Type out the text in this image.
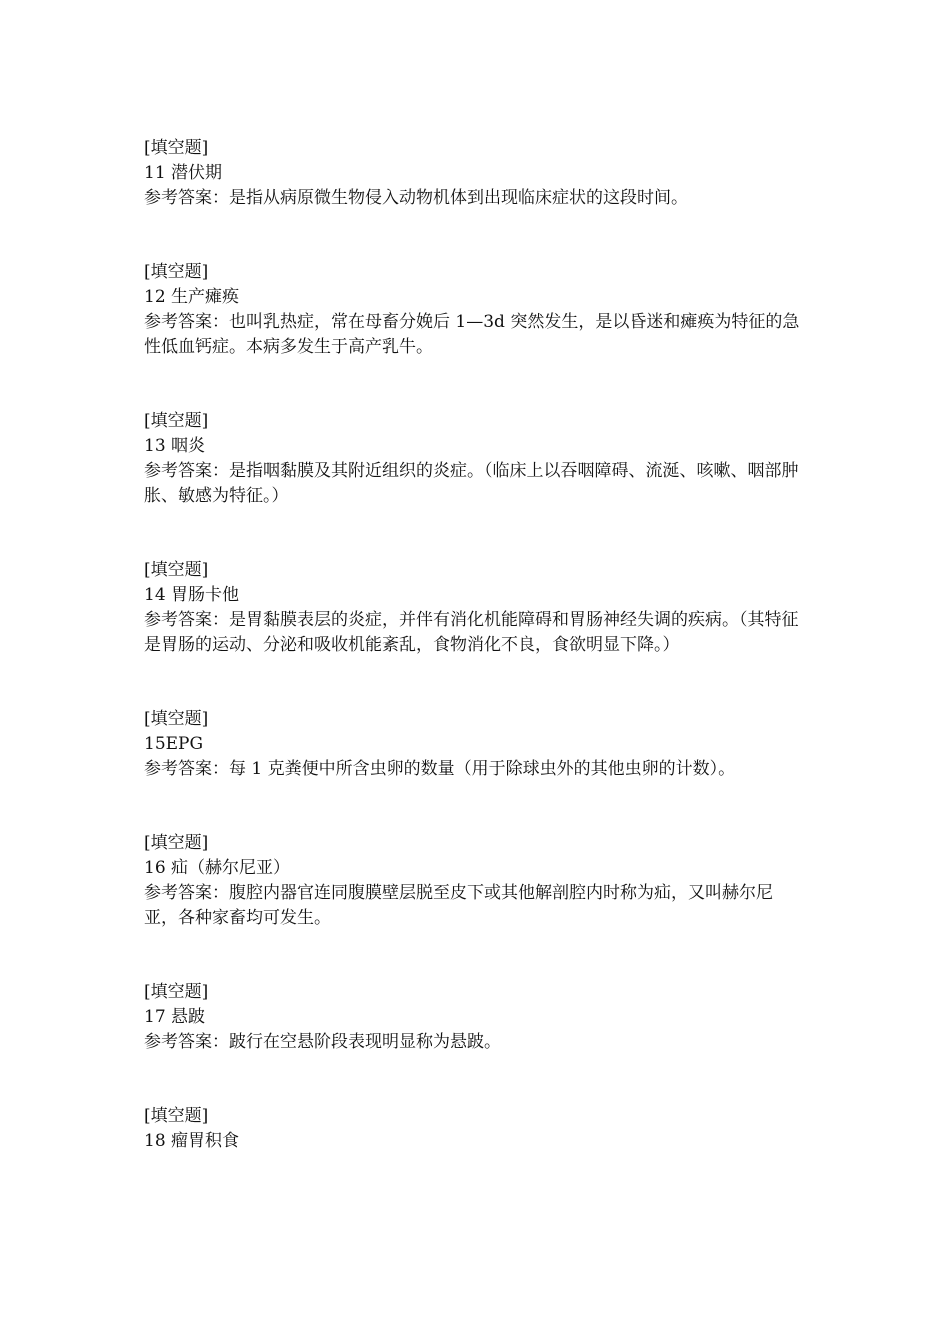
[填空题]
11 潜伏期
参考答案：是指从病原微生物侵入动物机体到出现临床症状的这段时间。
[填空题]
12 生产瘫痪
参考答案：也叫乳热症，常在母畜分娩后 1—3d 突然发生，是以昏迷和瘫痪为特征的急性低血钙症。本病多发生于高产乳牛。
[填空题]
13 咽炎
参考答案：是指咽黏膜及其附近组织的炎症。（临床上以吞咽障碍、流涎、咳嗽、咽部肿胀、敏感为特征。）
[填空题]
14 胃肠卡他
参考答案：是胃黏膜表层的炎症，并伴有消化机能障碍和胃肠神经失调的疾病。（其特征是胃肠的运动、分泌和吸收机能紊乱，食物消化不良，食欲明显下降。）
[填空题]
15EPG
参考答案：每 1 克粪便中所含虫卵的数量（用于除球虫外的其他虫卵的计数）。
[填空题]
16 疝（赫尔尼亚）
参考答案：腹腔内器官连同腹膜壁层脱至皮下或其他解剖腔内时称为疝，又叫赫尔尼亚，各种家畜均可发生。
[填空题]
17 悬跛
参考答案：跛行在空悬阶段表现明显称为悬跛。
[填空题]
18 瘤胃积食
